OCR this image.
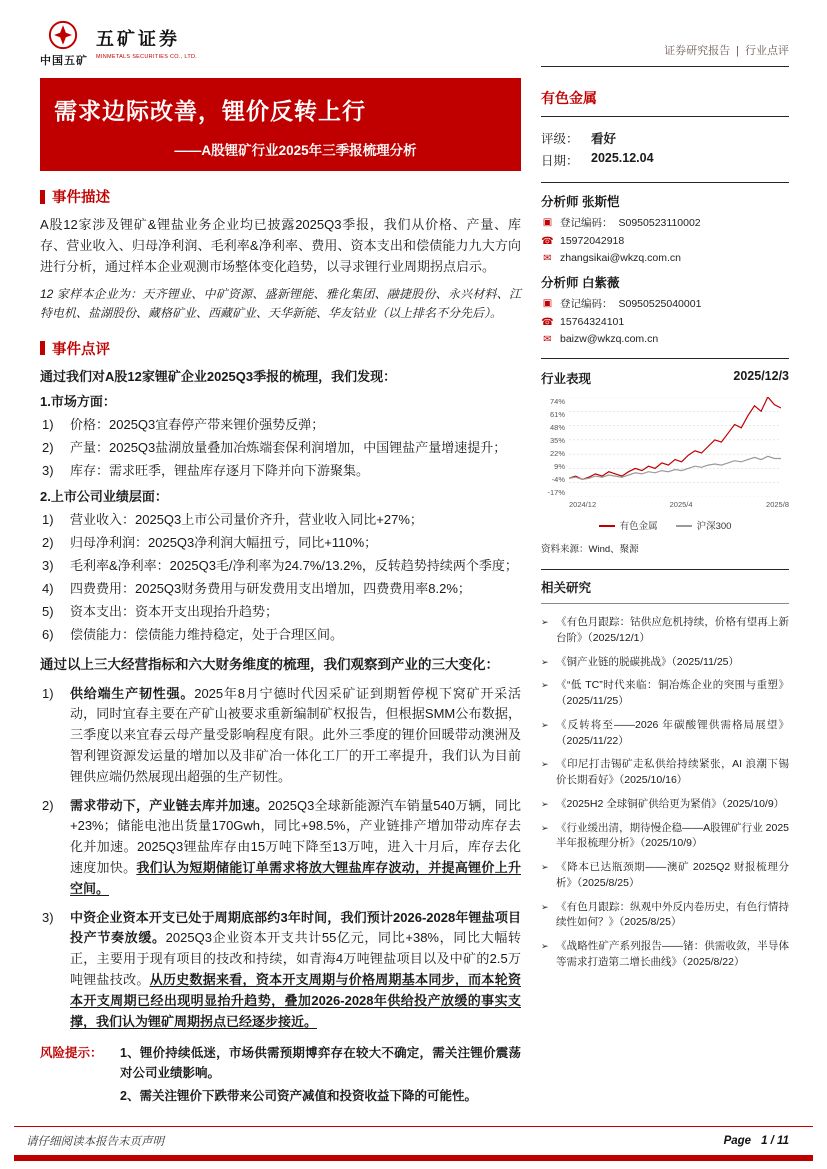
中国五矿
五矿证券
MINMETALS SECURITIES CO., LTD.	证券研究报告 | 行业点评
需求边际改善，锂价反转上行
——A股锂矿行业2025年三季报梳理分析
事件描述

A股12家涉及锂矿&锂盐业务企业均已披露2025Q3季报，我们从价格、产量、库存、营业收入、归母净利润、毛利率&净利率、费用、资本支出和偿债能力九大方向进行分析，通过样本企业观测市场整体变化趋势，以寻求锂行业周期拐点启示。

12 家样本企业为：天齐锂业、中矿资源、盛新锂能、雅化集团、融捷股份、永兴材料、江特电机、盐湖股份、藏格矿业、西藏矿业、天华新能、华友钴业（以上排名不分先后）。

事件点评

通过我们对A股12家锂矿企业2025Q3季报的梳理，我们发现：

1.市场方面：

1) 价格：2025Q3宜春停产带来锂价强势反弹；
2) 产量：2025Q3盐湖放量叠加冶炼端套保利润增加，中国锂盐产量增速提升；
3) 库存：需求旺季，锂盐库存逐月下降并向下游聚集。

2.上市公司业绩层面：

1) 营业收入：2025Q3上市公司量价齐升，营业收入同比+27%；
2) 归母净利润：2025Q3净利润大幅扭亏，同比+110%；
3) 毛利率&净利率：2025Q3毛/净利率为24.7%/13.2%，反转趋势持续两个季度；
4) 四费费用：2025Q3财务费用与研发费用支出增加，四费费用率8.2%；
5) 资本支出：资本开支出现抬升趋势；
6) 偿债能力：偿债能力维持稳定，处于合理区间。

通过以上三大经营指标和六大财务维度的梳理，我们观察到产业的三大变化：

1) 供给端生产韧性强。2025年8月宁德时代因采矿证到期暂停枧下窝矿开采活动，同时宜春主要在产矿山被要求重新编制矿权报告，但根据SMM公布数据，三季度以来宜春云母产量受影响程度有限。此外三季度的锂价回暖带动澳洲及智利锂资源发运量的增加以及非矿冶一体化工厂的开工率提升，我们认为目前锂供应端仍然展现出超强的生产韧性。
2) 需求带动下，产业链去库并加速。2025Q3全球新能源汽车销量540万辆，同比+23%；储能电池出货量170Gwh，同比+98.5%，产业链排产增加带动库存去化并加速。2025Q3锂盐库存由15万吨下降至13万吨，进入十月后，库存去化速度加快。我们认为短期储能订单需求将放大锂盐库存波动，并提高锂价上升空间。
3) 中资企业资本开支已处于周期底部约3年时间，我们预计2026-2028年锂盐项目投产节奏放缓。2025Q3企业资本开支共计55亿元，同比+38%，同比大幅转正，主要用于现有项目的技改和持续，如青海4万吨锂盐项目以及中矿的2.5万吨锂盐技改。从历史数据来看，资本开支周期与价格周期基本同步，而本轮资本开支周期已经出现明显抬升趋势，叠加2026-2028年供给投产放缓的事实支撑，我们认为锂矿周期拐点已经逐步接近。
风险提示：	1、锂价持续低迷，市场供需预期博弈存在较大不确定，需关注锂价震荡对公司业绩影响。
2、需关注锂价下跌带来公司资产减值和投资收益下降的可能性。
有色金属
评级： 看好
日期： 2025.12.04
分析师 张斯恺
▣ 登记编码： S0950523110002
☎ 15972042918
✉ zhangsikai@wkzq.com.cn
分析师 白紫薇
▣ 登记编码： S0950525040001
☎ 15764324101
✉ baizw@wkzq.com.cn
行业表现	2025/12/3
74%
61%
48%
35%
22%
9%
-4%
-17%
2024/12	2025/4	2025/8
有色金属	沪深300
资料来源：Wind、聚源
相关研究
➢ 《有色月跟踪：钴供应危机持续，价格有望再上新台阶》（2025/12/1）
➢ 《铜产业链的脱碳挑战》（2025/11/25）
➢ 《“低 TC”时代来临：铜冶炼企业的突围与重塑》（2025/11/25）
➢ 《反转将至——2026 年碳酸锂供需格局展望》（2025/11/22）
➢ 《印尼打击锡矿走私供给持续紧张，AI 浪潮下锡价长期看好》（2025/10/16）
➢ 《2025H2 全球铜矿供给更为紧俏》（2025/10/9）
➢ 《行业缓出清，期待慢企稳——A股锂矿行业 2025 半年报梳理分析》（2025/10/9）
➢ 《降本已达瓶颈期——澳矿 2025Q2 财报梳理分析》（2025/8/25）
➢ 《有色月跟踪：纵观中外反内卷历史，有色行情持续性如何？》（2025/8/25）
➢ 《战略性矿产系列报告——锗：供需收敛，半导体等需求打造第二增长曲线》（2025/8/22）
请仔细阅读本报告末页声明	Page 1 / 11
